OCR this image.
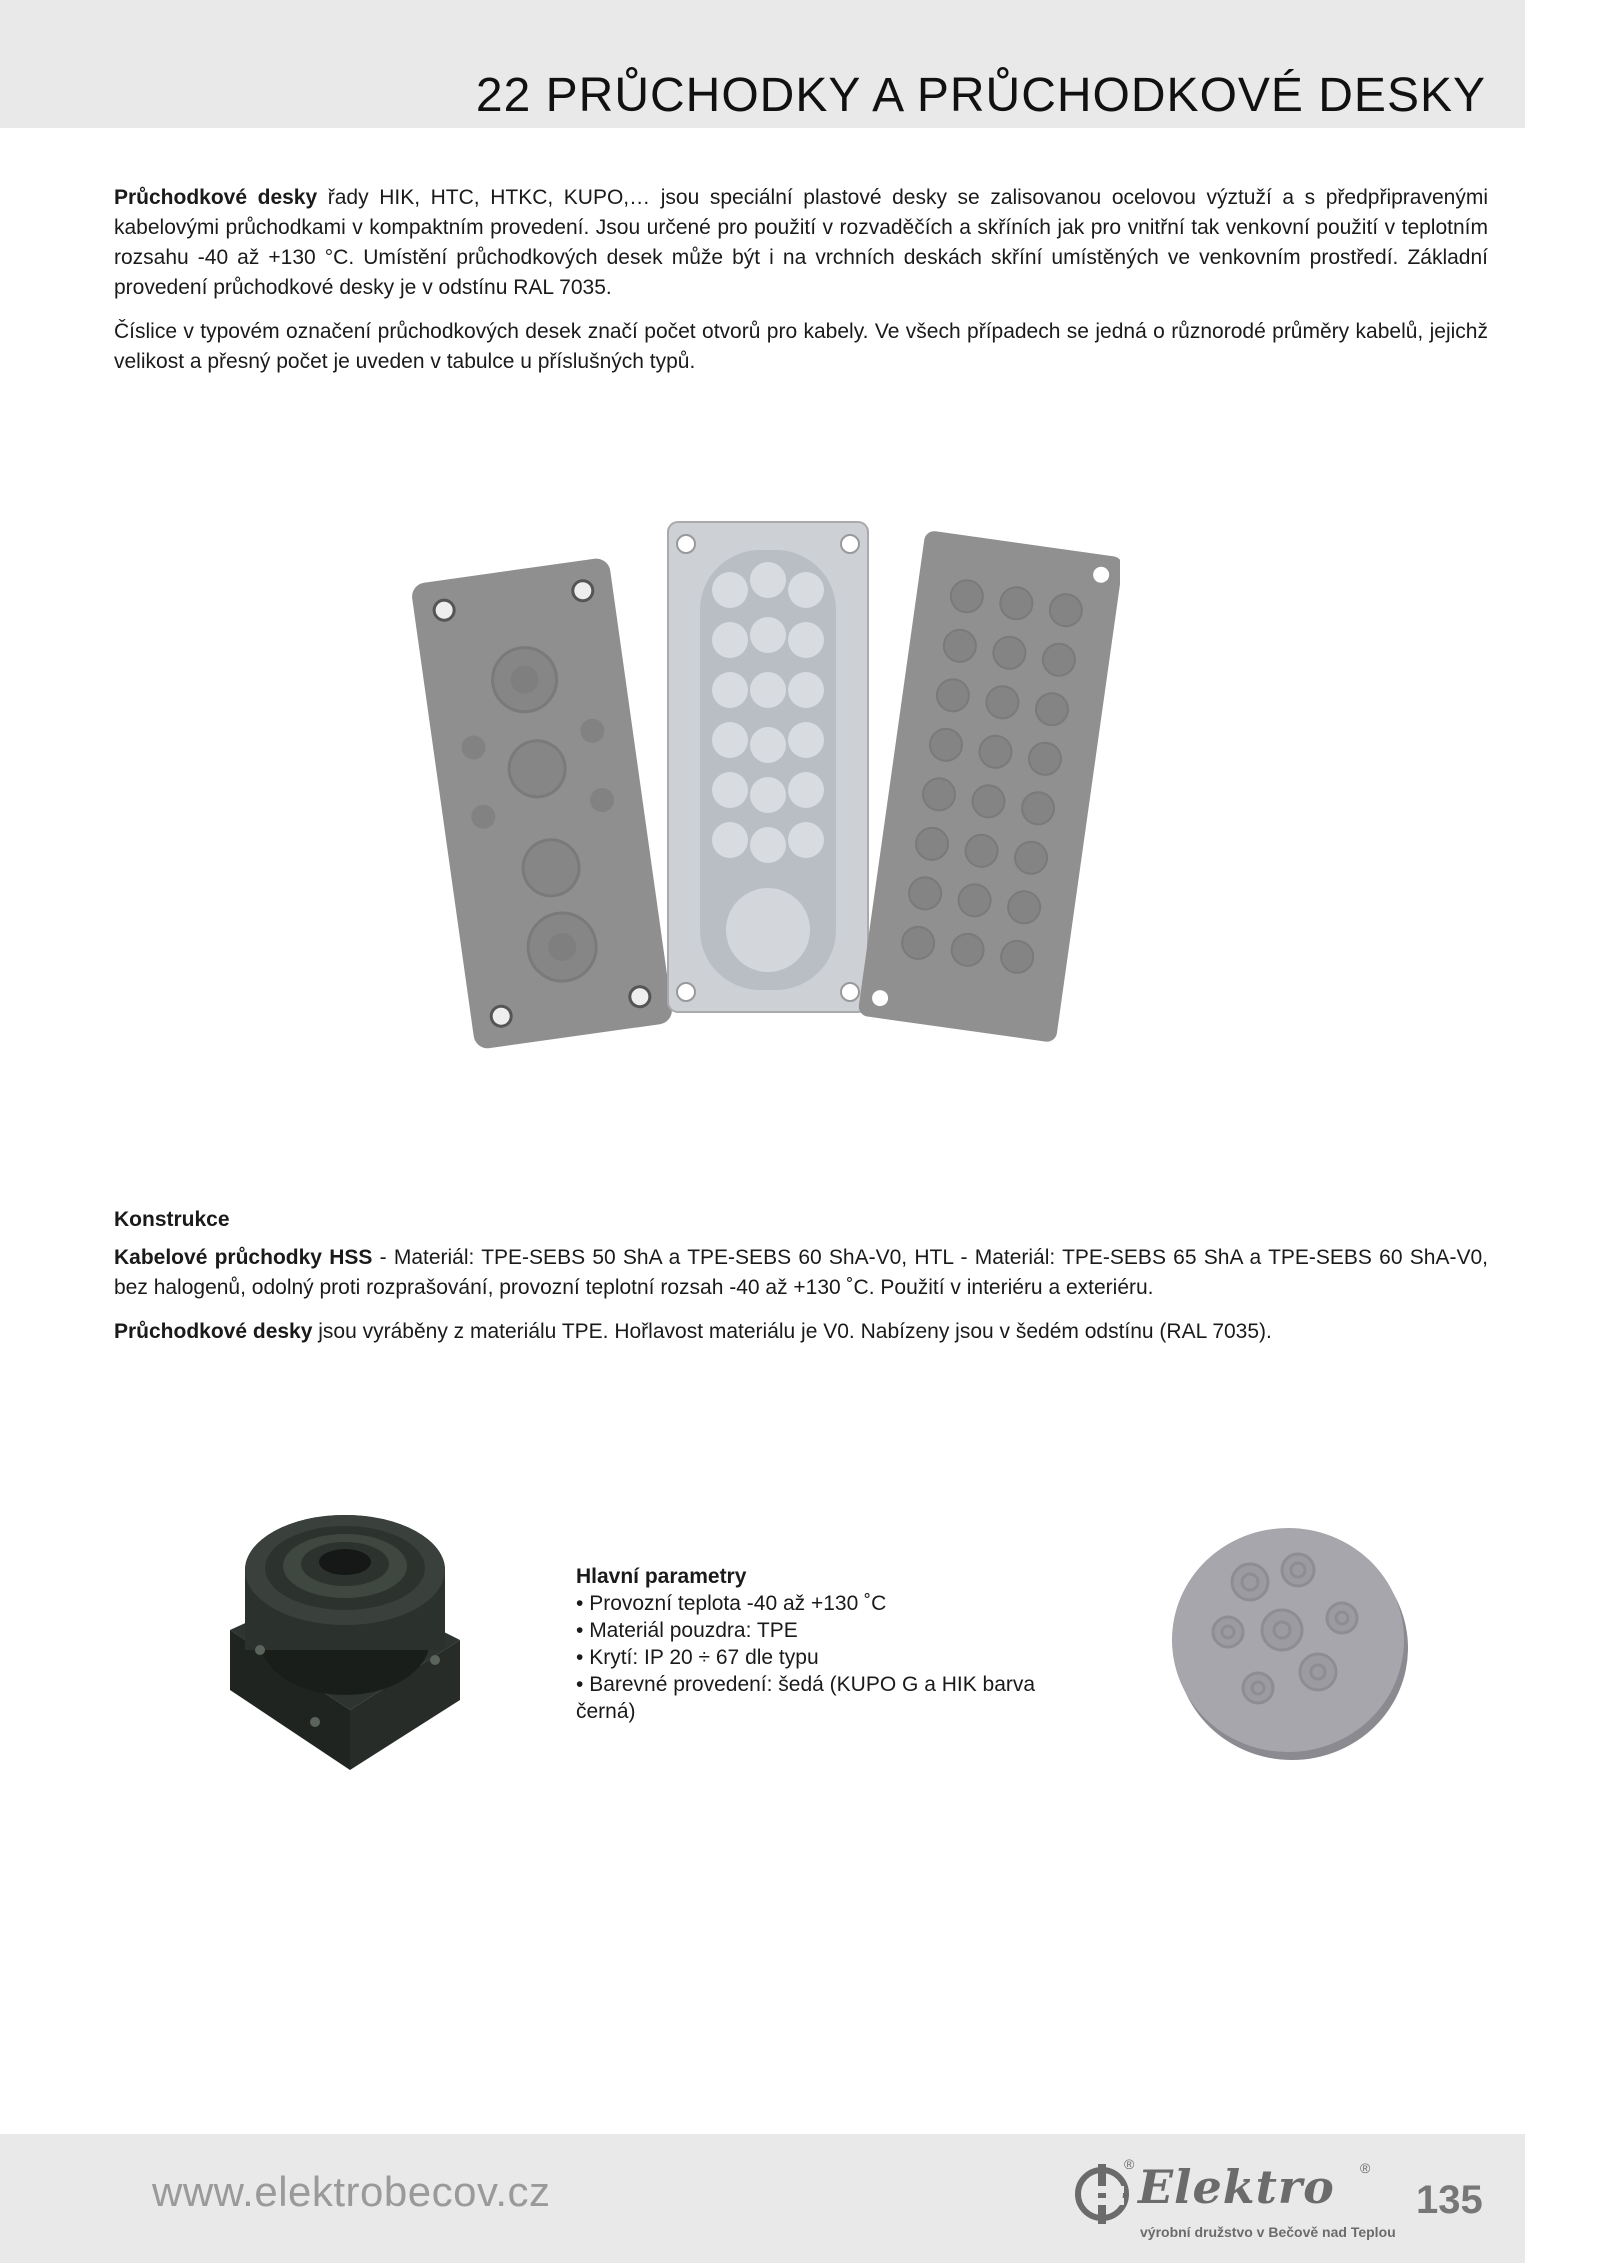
22 PRŮCHODKY A PRŮCHODKOVÉ DESKY

Průchodkové desky řady HIK, HTC, HTKC, KUPO,… jsou speciální plastové desky se zalisovanou ocelovou výztuží a s předpřipravenými kabelovými průchodkami v kompaktním provedení. Jsou určené pro použití v rozvaděčích a skříních jak pro vnitřní tak venkovní použití v teplotním rozsahu -40 až +130 °C. Umístění průchodkových desek může být i na vrchních deskách skříní umístěných ve venkovním prostředí. Základní provedení průchodkové desky je v odstínu RAL 7035.

Číslice v typovém označení průchodkových desek značí počet otvorů pro kabely. Ve všech případech se jedná o různorodé průměry kabelů, jejichž velikost a přesný počet je uveden v tabulce u příslušných typů.

Konstrukce

Kabelové průchodky HSS - Materiál: TPE-SEBS 50 ShA a TPE-SEBS 60 ShA-V0, HTL - Materiál: TPE-SEBS 65 ShA a TPE-SEBS 60 ShA-V0, bez halogenů, odolný proti rozprašování, provozní teplotní rozsah -40 až +130 ˚C. Použití v interiéru a exteriéru.

Průchodkové desky jsou vyráběny z materiálu TPE. Hořlavost materiálu je V0. Nabízeny jsou v šedém odstínu (RAL 7035).

Hlavní parametry
• Provozní teplota -40 až +130 ˚C
• Materiál pouzdra: TPE
• Krytí: IP 20 ÷ 67 dle typu
• Barevné provedení: šedá (KUPO G a HIK barva černá)
www.elektrobecov.cz
® Elektro ®
výrobní družstvo v Bečově nad Teplou
135
